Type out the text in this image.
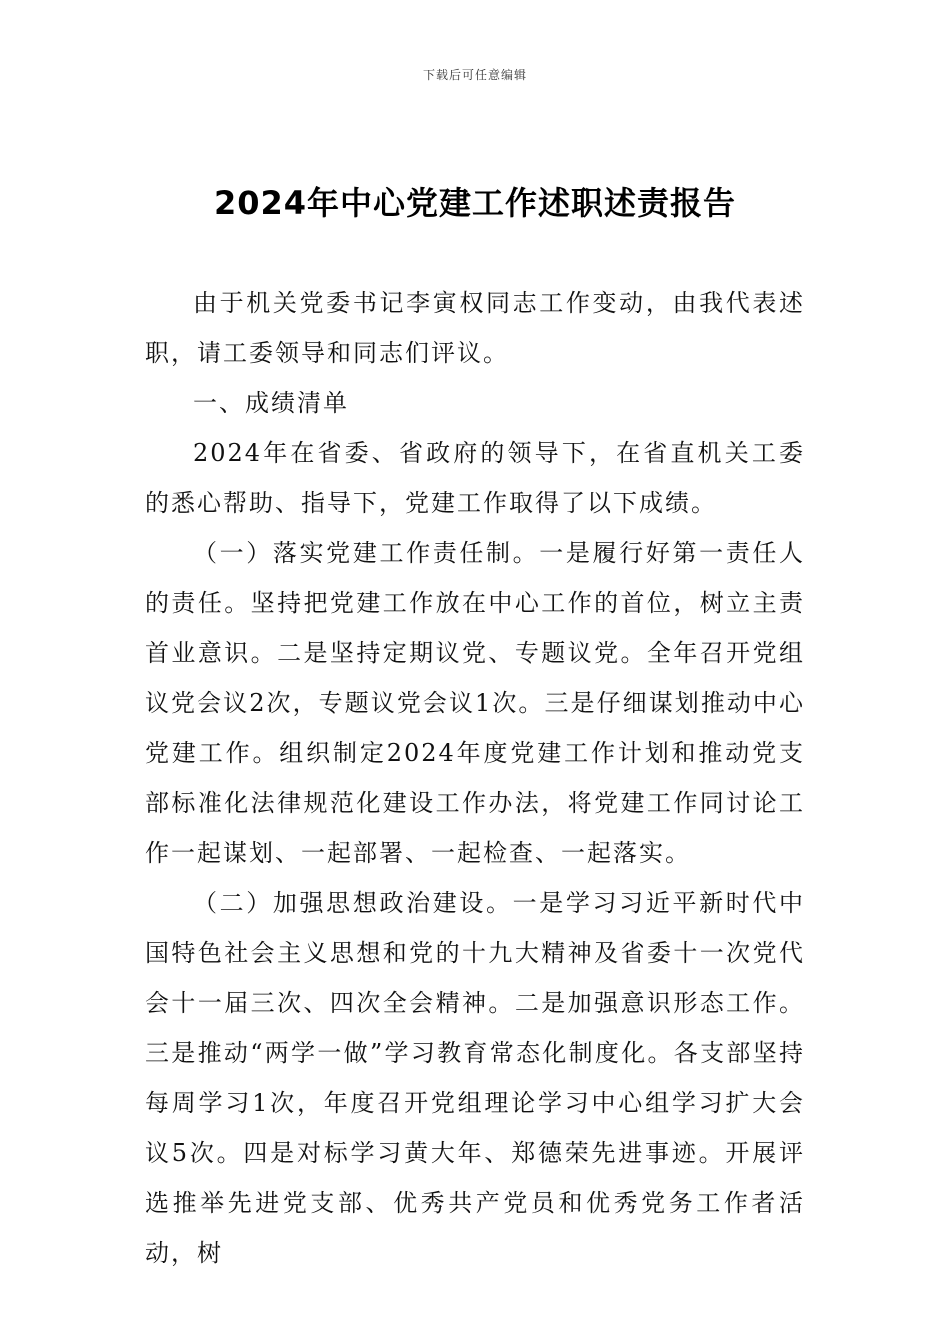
下载后可任意编辑
2024年中心党建工作述职述责报告

由于机关党委书记李寅权同志工作变动，由我代表述职，请工委领导和同志们评议。

一、成绩清单

2024年在省委、省政府的领导下，在省直机关工委的悉心帮助、指导下，党建工作取得了以下成绩。

（一）落实党建工作责任制。一是履行好第一责任人的责任。坚持把党建工作放在中心工作的首位，树立主责首业意识。二是坚持定期议党、专题议党。全年召开党组议党会议2次，专题议党会议1次。三是仔细谋划推动中心党建工作。组织制定2024年度党建工作计划和推动党支部标准化法律规范化建设工作办法，将党建工作同讨论工作一起谋划、一起部署、一起检查、一起落实。

（二）加强思想政治建设。一是学习习近平新时代中国特色社会主义思想和党的十九大精神及省委十一次党代会十一届三次、四次全会精神。二是加强意识形态工作。三是推动“两学一做”学习教育常态化制度化。各支部坚持每周学习1次，年度召开党组理论学习中心组学习扩大会议5次。四是对标学习黄大年、郑德荣先进事迹。开展评选推举先进党支部、优秀共产党员和优秀党务工作者活动，树
